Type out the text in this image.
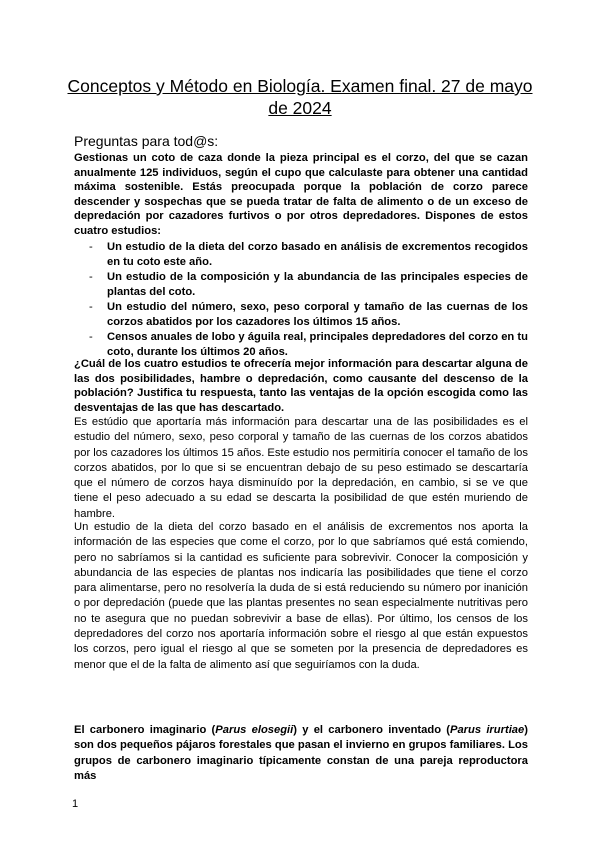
Conceptos y Método en Biología. Examen final. 27 de mayo de 2024
Preguntas para tod@s:
Gestionas un coto de caza donde la pieza principal es el corzo, del que se cazan anualmente 125 individuos, según el cupo que calculaste para obtener una cantidad máxima sostenible. Estás preocupada porque la población de corzo parece descender y sospechas que se pueda tratar de falta de alimento o de un exceso de depredación por cazadores furtivos o por otros depredadores. Dispones de estos cuatro estudios:
- Un estudio de la dieta del corzo basado en análisis de excrementos recogidos en tu coto este año.
- Un estudio de la composición y la abundancia de las principales especies de plantas del coto.
- Un estudio del número, sexo, peso corporal y tamaño de las cuernas de los corzos abatidos por los cazadores los últimos 15 años.
- Censos anuales de lobo y águila real, principales depredadores del corzo en tu coto, durante los últimos 20 años.
¿Cuál de los cuatro estudios te ofrecería mejor información para descartar alguna de las dos posibilidades, hambre o depredación, como causante del descenso de la población? Justifica tu respuesta, tanto las ventajas de la opción escogida como las desventajas de las que has descartado.
Es estúdio que aportaría más información para descartar una de las posibilidades es el estudio del número, sexo, peso corporal y tamaño de las cuernas de los corzos abatidos por los cazadores los últimos 15 años. Este estudio nos permitiría conocer el tamaño de los corzos abatidos, por lo que si se encuentran debajo de su peso estimado se descartaría que el número de corzos haya disminuído por la depredación, en cambio, si se ve que tiene el peso adecuado a su edad se descarta la posibilidad de que estén muriendo de hambre.
Un estudio de la dieta del corzo basado en el análisis de excrementos nos aporta la información de las especies que come el corzo, por lo que sabríamos qué está comiendo, pero no sabríamos si la cantidad es suficiente para sobrevivir. Conocer la composición y abundancia de las especies de plantas nos indicaría las posibilidades que tiene el corzo para alimentarse, pero no resolvería la duda de si está reduciendo su número por inanición o por depredación (puede que las plantas presentes no sean especialmente nutritivas pero no te asegura que no puedan sobrevivir a base de ellas). Por último, los censos de los depredadores del corzo nos aportaría información sobre el riesgo al que están expuestos los corzos, pero igual el riesgo al que se someten por la presencia de depredadores es menor que el de la falta de alimento así que seguiríamos con la duda.
El carbonero imaginario (Parus elosegii) y el carbonero inventado (Parus irurtiae) son dos pequeños pájaros forestales que pasan el invierno en grupos familiares. Los grupos de carbonero imaginario típicamente constan de una pareja reproductora más
1
